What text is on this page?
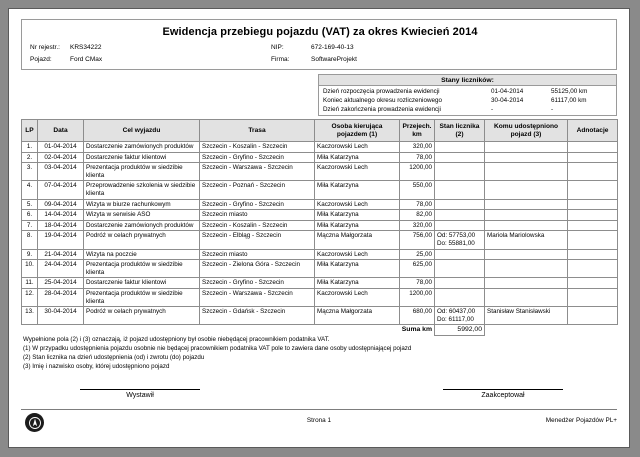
Ewidencja przebiegu pojazdu (VAT) za okres Kwiecień 2014
Nr rejestr.: KRS34222
Pojazd:	Ford CMax
NIP:	672-169-40-13
Firma:	SoftwareProjekt
Stany liczników:
Dzień rozpoczęcia prowadzenia ewidencji	01-04-2014	55125,00 km
Koniec aktualnego okresu rozliczeniowego	30-04-2014	61117,00 km
Dzień zakończenia prowadzenia ewidencji	-	-
LP	Data	Cel wyjazdu	Trasa	Osoba kierująca pojazdem (1)	Przejech. km	Stan licznika (2)	Komu udostępniono pojazd (3)	Adnotacje
1.	01-04-2014	Dostarczenie zamówionych produktów	Szczecin - Koszalin - Szczecin	Kaczorowski Lech	320,00			
2.	02-04-2014	Dostarczenie faktur klientowi	Szczecin - Gryfino - Szczecin	Miła Katarzyna	78,00			
3.	03-04-2014	Prezentacja produktów w siedzibie klienta	Szczecin - Warszawa - Szczecin	Kaczorowski Lech	1200,00			
4.	07-04-2014	Przeprowadzenie szkolenia w siedzibie klienta	Szczecin - Poznań - Szczecin	Miła Katarzyna	550,00			
5.	09-04-2014	Wizyta w biurze rachunkowym	Szczecin - Gryfino - Szczecin	Kaczorowski Lech	78,00			
6.	14-04-2014	Wizyta w serwisie ASO	Szczecin miasto	Miła Katarzyna	82,00			
7.	18-04-2014	Dostarczenie zamówionych produktów	Szczecin - Koszalin - Szczecin	Miła Katarzyna	320,00			
8.	19-04-2014	Podróż w celach prywatnych	Szczecin - Elbląg - Szczecin	Mączna Małgorzata	756,00	Od: 57753,00
Do: 55881,00	Mariola Mariolowska	
9.	21-04-2014	Wizyta na poczcie	Szczecin miasto	Kaczorowski Lech	25,00			
10.	24-04-2014	Prezentacja produktów w siedzibie klienta	Szczecin - Zielona Góra - Szczecin	Miła Katarzyna	625,00			
11.	25-04-2014	Dostarczenie faktur klientowi	Szczecin - Gryfino - Szczecin	Miła Katarzyna	78,00			
12.	28-04-2014	Prezentacja produktów w siedzibie klienta	Szczecin - Warszawa - Szczecin	Kaczorowski Lech	1200,00			
13.	30-04-2014	Podróż w celach prywatnych	Szczecin - Gdańsk - Szczecin	Mączna Małgorzata	680,00	Od: 60437,00
Do: 61117,00	Stanisław Stanisławski	
					Suma km	5992,00		
Wypełnione pola (2) i (3) oznaczają, iż pojazd udostępniony był osobie niebędącej pracownikiem podatnika VAT.
(1) W przypadku udostępnienia pojazdu osobnie nie będącej pracownikiem podatnika VAT pole to zawiera dane osoby udostępniającej pojazd
(2) Stan licznika na dzień udostępnienia (od) i zwrotu (do) pojazdu
(3) Imię i nazwisko osoby, której udostępniono pojazd
Wystawił	Zaakceptował
Strona 1	Menedżer Pojazdów PL+
